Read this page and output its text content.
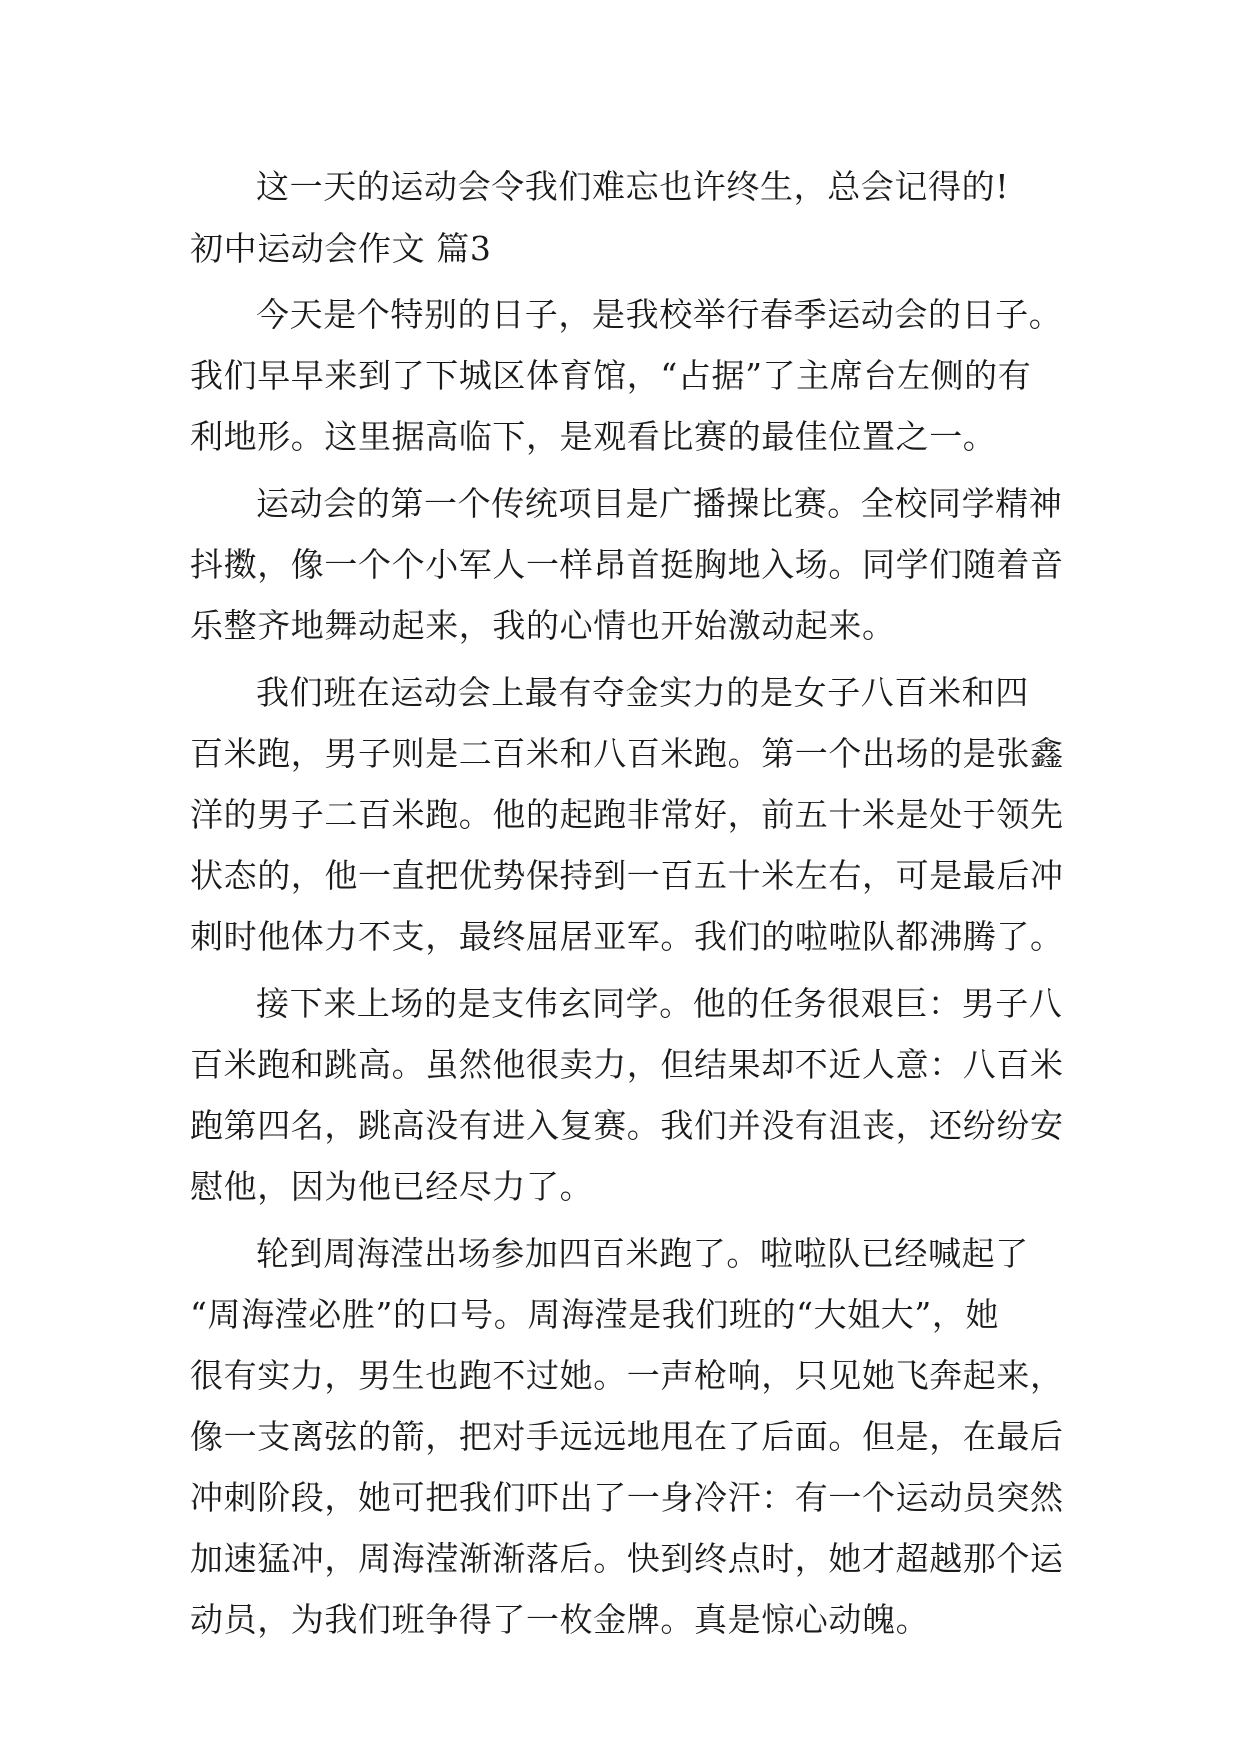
这一天的运动会令我们难忘也许终生，总会记得的!
初中运动会作文 篇3
今天是个特别的日子，是我校举行春季运动会的日子。
我们早早来到了下城区体育馆，“占据”了主席台左侧的有
利地形。这里据高临下，是观看比赛的最佳位置之一。
运动会的第一个传统项目是广播操比赛。全校同学精神
抖擞，像一个个小军人一样昂首挺胸地入场。同学们随着音
乐整齐地舞动起来，我的心情也开始激动起来。
我们班在运动会上最有夺金实力的是女子八百米和四
百米跑，男子则是二百米和八百米跑。第一个出场的是张鑫
洋的男子二百米跑。他的起跑非常好，前五十米是处于领先
状态的，他一直把优势保持到一百五十米左右，可是最后冲
刺时他体力不支，最终屈居亚军。我们的啦啦队都沸腾了。
接下来上场的是支伟玄同学。他的任务很艰巨：男子八
百米跑和跳高。虽然他很卖力，但结果却不近人意：八百米
跑第四名，跳高没有进入复赛。我们并没有沮丧，还纷纷安
慰他，因为他已经尽力了。
轮到周海滢出场参加四百米跑了。啦啦队已经喊起了
“周海滢必胜”的口号。周海滢是我们班的“大姐大”，她
很有实力，男生也跑不过她。一声枪响，只见她飞奔起来，
像一支离弦的箭，把对手远远地甩在了后面。但是，在最后
冲刺阶段，她可把我们吓出了一身冷汗：有一个运动员突然
加速猛冲，周海滢渐渐落后。快到终点时，她才超越那个运
动员，为我们班争得了一枚金牌。真是惊心动魄。
